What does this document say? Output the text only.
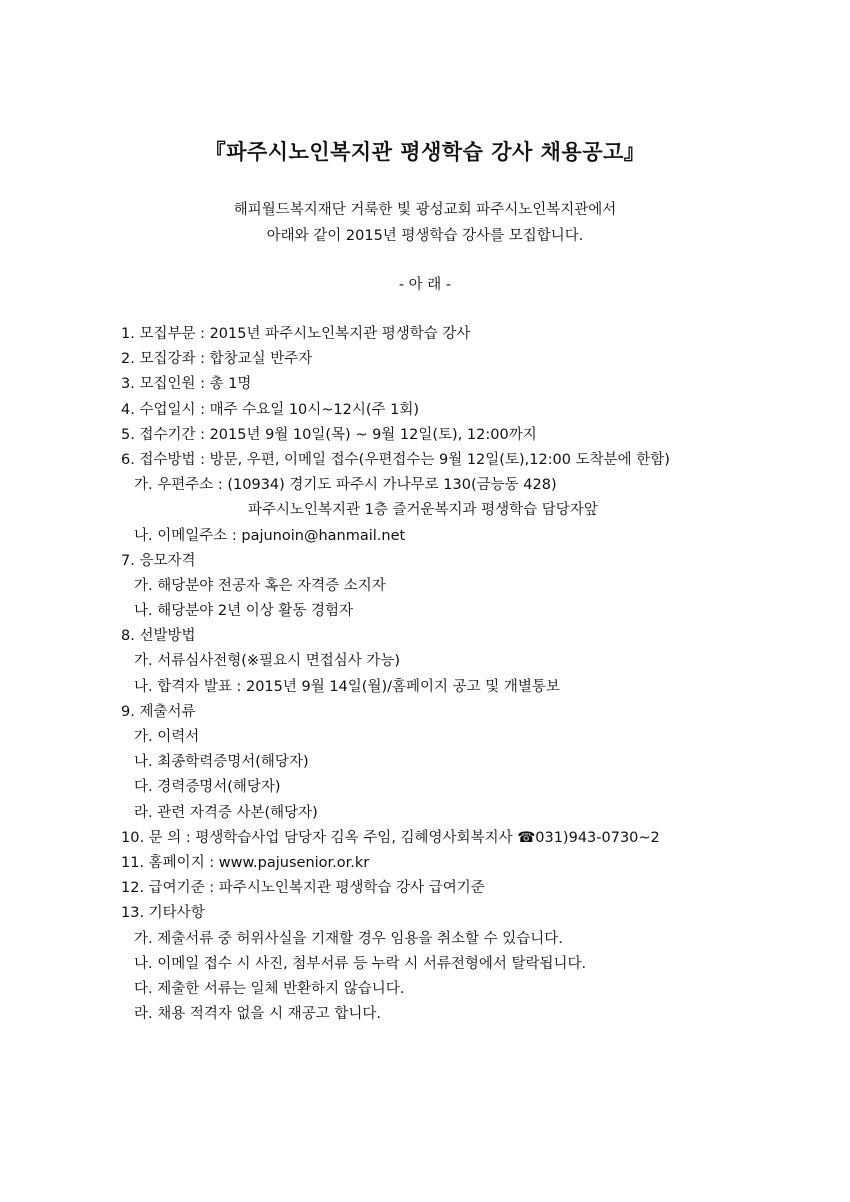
『파주시노인복지관 평생학습 강사 채용공고』
해피월드복지재단 거룩한 빛 광성교회 파주시노인복지관에서
아래와 같이 2015년 평생학습 강사를 모집합니다.
- 아 래 -
1. 모집부문 : 2015년 파주시노인복지관 평생학습 강사
2. 모집강좌 : 합창교실 반주자
3. 모집인원 : 총 1명
4. 수업일시 : 매주 수요일 10시~12시(주 1회)
5. 접수기간 : 2015년 9월 10일(목) ~ 9월 12일(토), 12:00까지
6. 접수방법 : 방문, 우편, 이메일 접수(우편접수는 9월 12일(토),12:00 도착분에 한함)
가. 우편주소 : (10934) 경기도 파주시 가나무로 130(금능동 428)
파주시노인복지관 1층 즐거운복지과 평생학습 담당자앞
나. 이메일주소 : pajunoin@hanmail.net
7. 응모자격
가. 해당분야 전공자 혹은 자격증 소지자
나. 해당분야 2년 이상 활동 경험자
8. 선발방법
가. 서류심사전형(※필요시 면접심사 가능)
나. 합격자 발표 : 2015년 9월 14일(월)/홈페이지 공고 및 개별통보
9. 제출서류
가. 이력서
나. 최종학력증명서(해당자)
다. 경력증명서(해당자)
라. 관련 자격증 사본(해당자)
10. 문 의 : 평생학습사업 담당자 김옥 주임, 김혜영사회복지사 ☎031)943-0730~2
11. 홈페이지 : www.pajusenior.or.kr
12. 급여기준 : 파주시노인복지관 평생학습 강사 급여기준
13. 기타사항
가. 제출서류 중 허위사실을 기재할 경우 임용을 취소할 수 있습니다.
나. 이메일 접수 시 사진, 첨부서류 등 누락 시 서류전형에서 탈락됩니다.
다. 제출한 서류는 일체 반환하지 않습니다.
라. 채용 적격자 없을 시 재공고 합니다.
